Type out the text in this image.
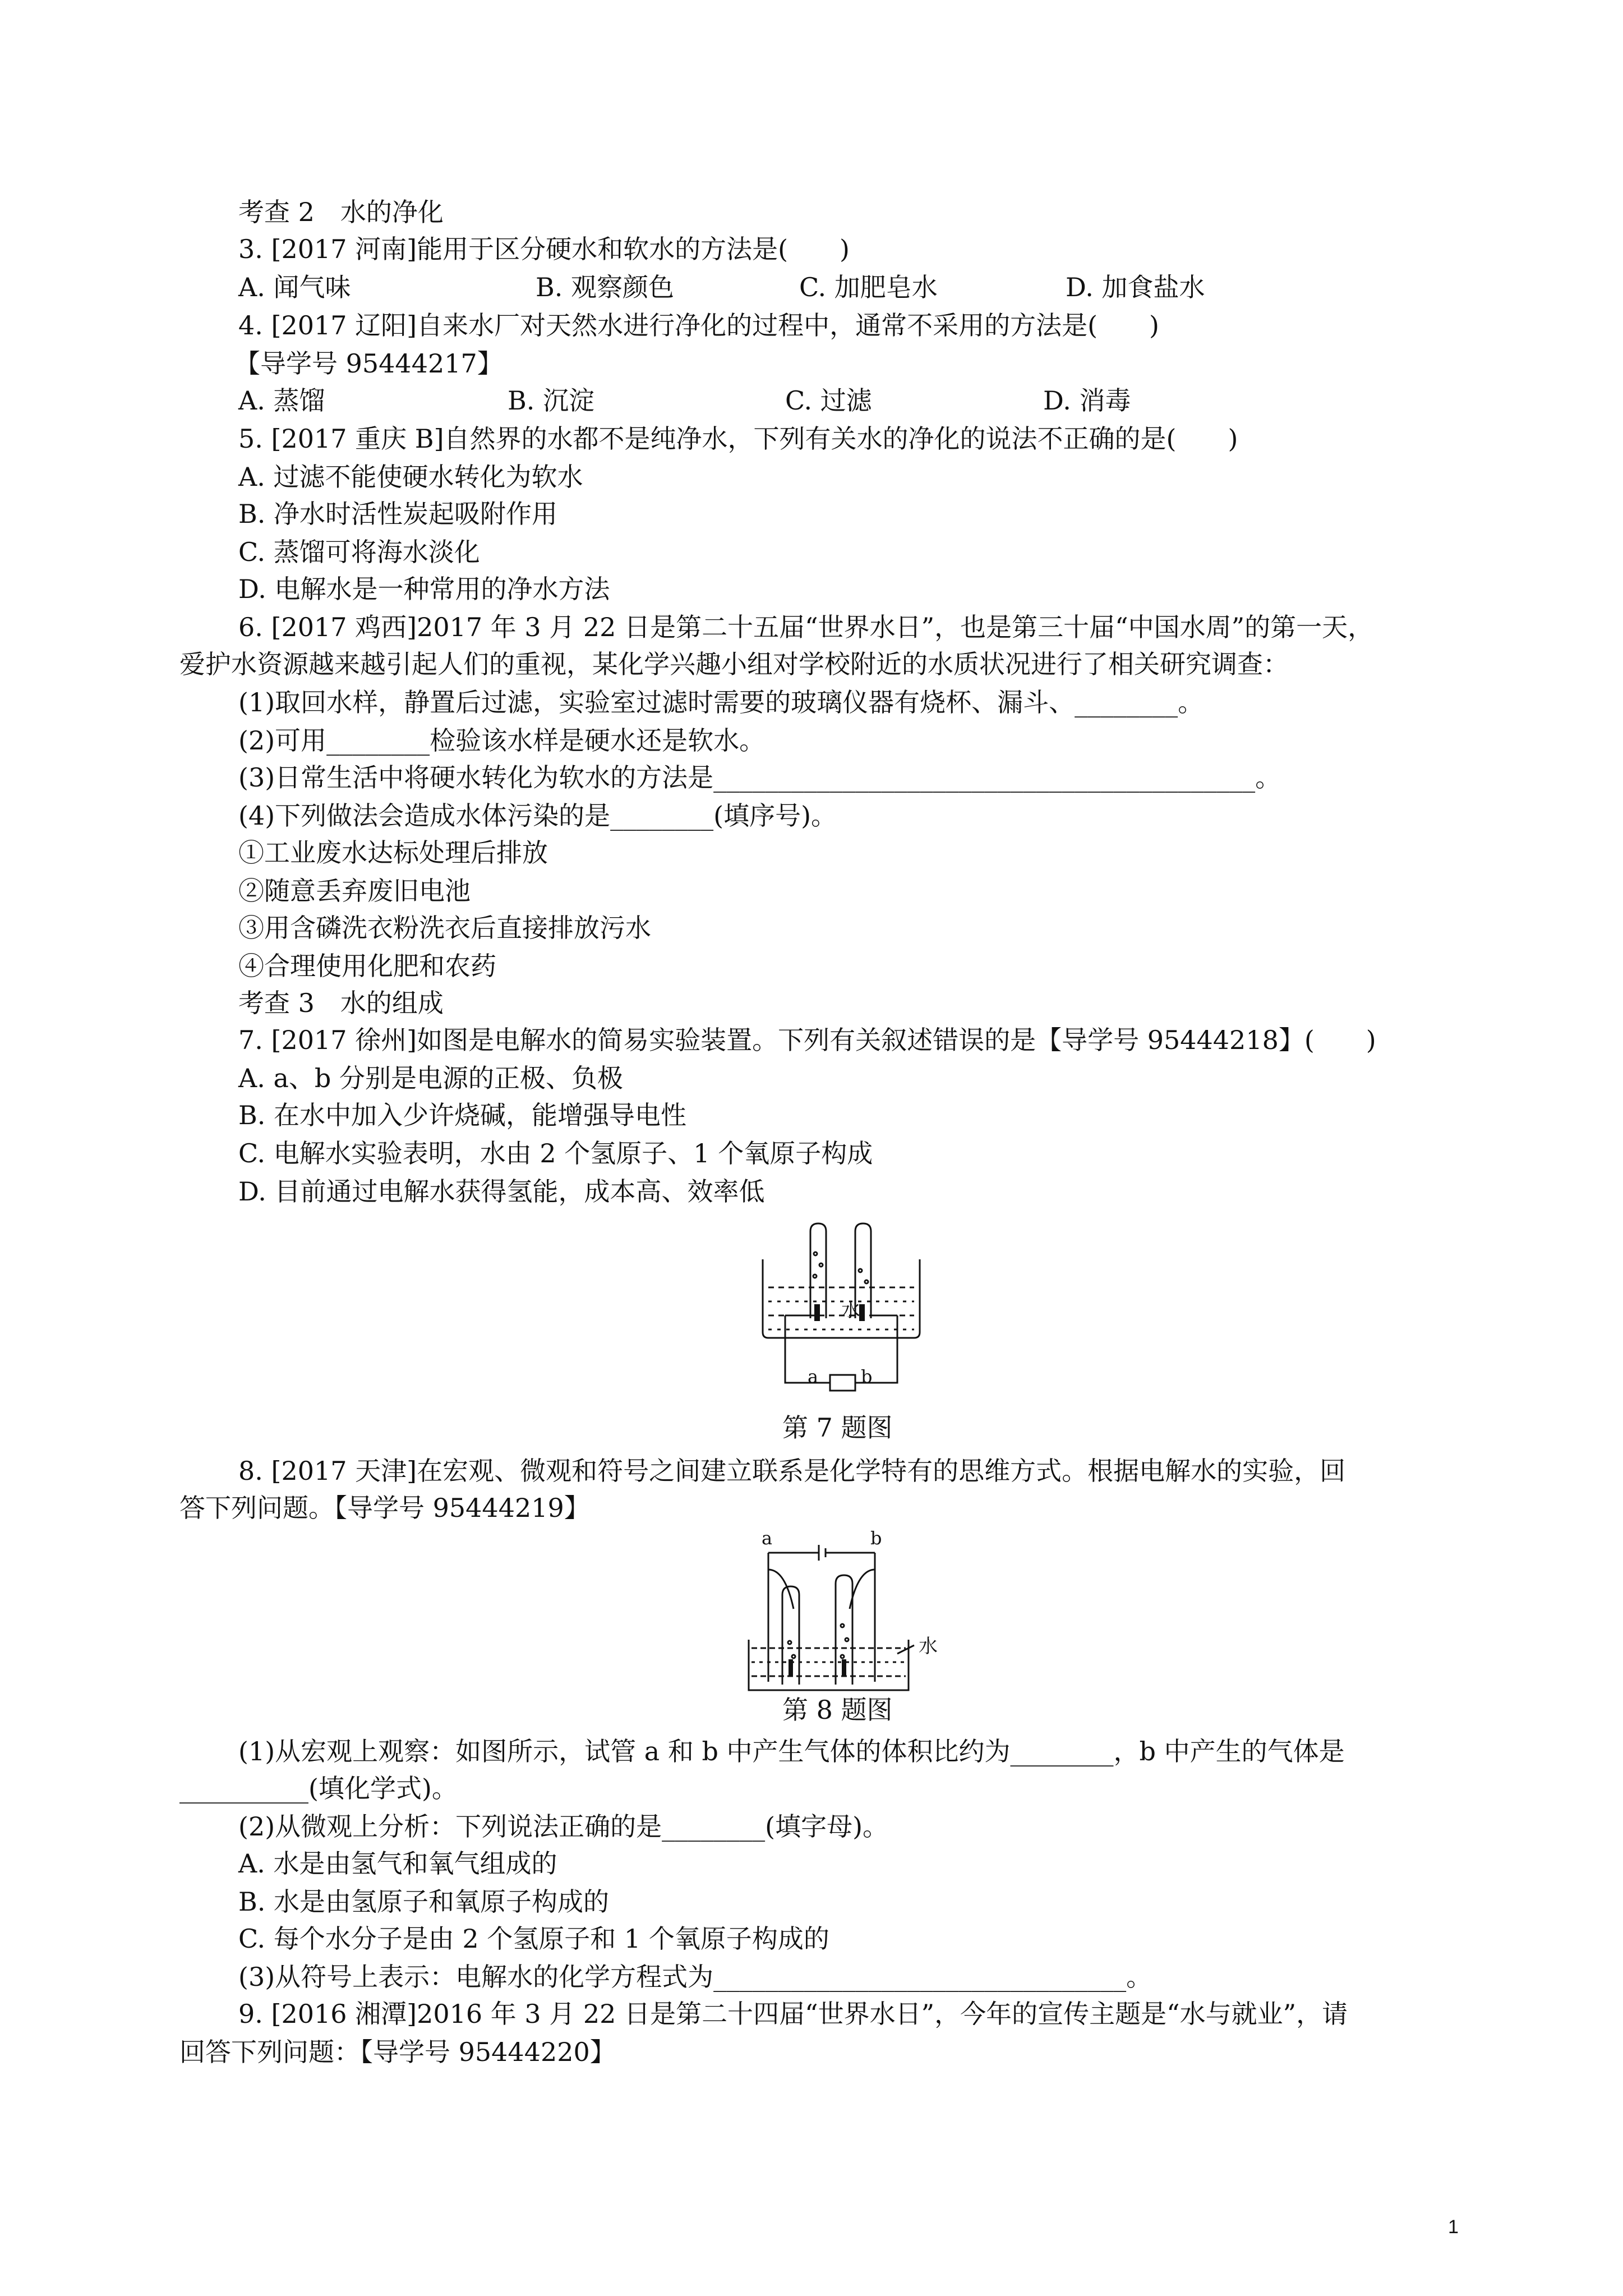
考查 2　水的净化
3. [2017 河南]能用于区分硬水和软水的方法是(　　)
A. 闻气味	B. 观察颜色	C. 加肥皂水	D. 加食盐水
4. [2017 辽阳]自来水厂对天然水进行净化的过程中，通常不采用的方法是(　　)
【导学号 95444217】
A. 蒸馏	B. 沉淀	C. 过滤	D. 消毒
5. [2017 重庆 B]自然界的水都不是纯净水，下列有关水的净化的说法不正确的是(　　)
A. 过滤不能使硬水转化为软水
B. 净水时活性炭起吸附作用
C. 蒸馏可将海水淡化
D. 电解水是一种常用的净水方法
6. [2017 鸡西]2017 年 3 月 22 日是第二十五届“世界水日”，也是第三十届“中国水周”的第一天，
爱护水资源越来越引起人们的重视，某化学兴趣小组对学校附近的水质状况进行了相关研究调查：
(1)取回水样，静置后过滤，实验室过滤时需要的玻璃仪器有烧杯、漏斗、________。
(2)可用________检验该水样是硬水还是软水。
(3)日常生活中将硬水转化为软水的方法是__________________________________________。
(4)下列做法会造成水体污染的是________(填序号)。
①工业废水达标处理后排放
②随意丢弃废旧电池
③用含磷洗衣粉洗衣后直接排放污水
④合理使用化肥和农药
考查 3　水的组成
7. [2017 徐州]如图是电解水的简易实验装置。下列有关叙述错误的是【导学号 95444218】(　　)
A. a、b 分别是电源的正极、负极
B. 在水中加入少许烧碱，能增强导电性
C. 电解水实验表明，水由 2 个氢原子、1 个氧原子构成
D. 目前通过电解水获得氢能，成本高、效率低
水
a b
第 7 题图
8. [2017 天津]在宏观、微观和符号之间建立联系是化学特有的思维方式。根据电解水的实验，回
答下列问题。【导学号 95444219】
a	b
水
第 8 题图
(1)从宏观上观察：如图所示，试管 a 和 b 中产生气体的体积比约为________，b 中产生的气体是
__________(填化学式)。
(2)从微观上分析：下列说法正确的是________(填字母)。
A. 水是由氢气和氧气组成的
B. 水是由氢原子和氧原子构成的
C. 每个水分子是由 2 个氢原子和 1 个氧原子构成的
(3)从符号上表示：电解水的化学方程式为________________________________。
9. [2016 湘潭]2016 年 3 月 22 日是第二十四届“世界水日”，今年的宣传主题是“水与就业”，请
回答下列问题：【导学号 95444220】
1
